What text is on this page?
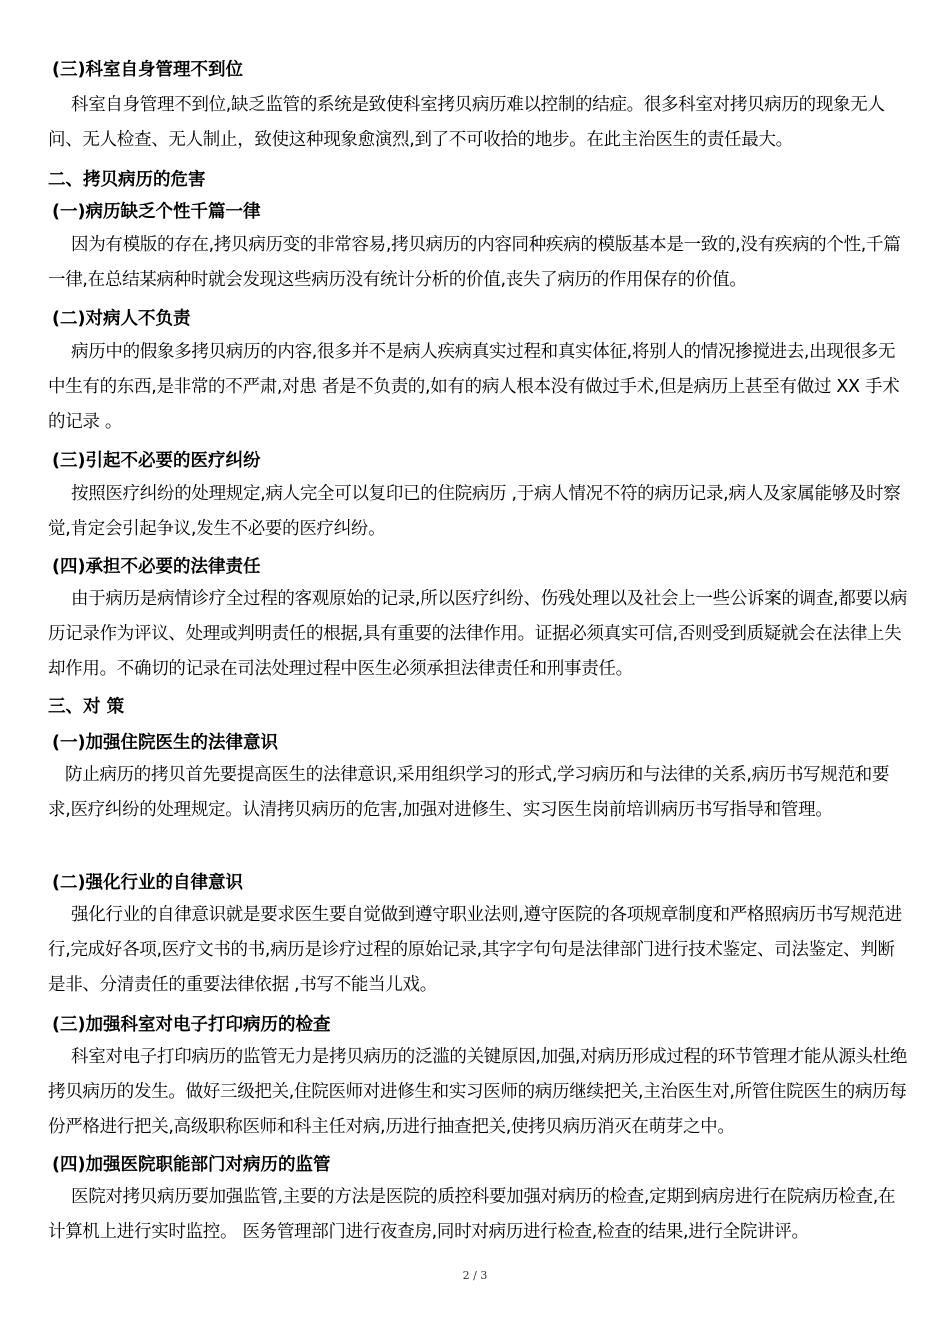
(三)科室自身管理不到位
科室自身管理不到位,缺乏监管的系统是致使科室拷贝病历难以控制的结症。很多科室对拷贝病历的现象无人问、无人检查、无人制止，致使这种现象愈演烈,到了不可收拾的地步。在此主治医生的责任最大。
二、拷贝病历的危害
(一)病历缺乏个性千篇一律
因为有模版的存在,拷贝病历变的非常容易,拷贝病历的内容同种疾病的模版基本是一致的,没有疾病的个性,千篇一律,在总结某病种时就会发现这些病历没有统计分析的价值,丧失了病历的作用保存的价值。
(二)对病人不负责
病历中的假象多拷贝病历的内容,很多并不是病人疾病真实过程和真实体征,将别人的情况掺搅进去,出现很多无中生有的东西,是非常的不严肃,对患 者是不负责的,如有的病人根本没有做过手术,但是病历上甚至有做过 XX 手术的记录 。
(三)引起不必要的医疗纠纷
按照医疗纠纷的处理规定,病人完全可以复印已的住院病历 ,于病人情况不符的病历记录,病人及家属能够及时察觉,肯定会引起争议,发生不必要的医疗纠纷。
(四)承担不必要的法律责任
由于病历是病情诊疗全过程的客观原始的记录,所以医疗纠纷、伤残处理以及社会上一些公诉案的调查,都要以病历记录作为评议、处理或判明责任的根据,具有重要的法律作用。证据必须真实可信,否则受到质疑就会在法律上失却作用。不确切的记录在司法处理过程中医生必须承担法律责任和刑事责任。
三、对 策
(一)加强住院医生的法律意识
防止病历的拷贝首先要提高医生的法律意识,采用组织学习的形式,学习病历和与法律的关系,病历书写规范和要求,医疗纠纷的处理规定。认清拷贝病历的危害,加强对进修生、实习医生岗前培训病历书写指导和管理。
(二)强化行业的自律意识
强化行业的自律意识就是要求医生要自觉做到遵守职业法则,遵守医院的各项规章制度和严格照病历书写规范进行,完成好各项,医疗文书的书,病历是诊疗过程的原始记录,其字字句句是法律部门进行技术鉴定、司法鉴定、判断是非、分清责任的重要法律依据 ,书写不能当儿戏。
(三)加强科室对电子打印病历的检查
科室对电子打印病历的监管无力是拷贝病历的泛滥的关键原因,加强,对病历形成过程的环节管理才能从源头杜绝拷贝病历的发生。做好三级把关,住院医师对进修生和实习医师的病历继续把关,主治医生对,所管住院医生的病历每份严格进行把关,高级职称医师和科主任对病,历进行抽查把关,使拷贝病历消灭在萌芽之中。
(四)加强医院职能部门对病历的监管
医院对拷贝病历要加强监管,主要的方法是医院的质控科要加强对病历的检查,定期到病房进行在院病历检查,在计算机上进行实时监控。 医务管理部门进行夜查房,同时对病历进行检查,检查的结果,进行全院讲评。
2 / 3
